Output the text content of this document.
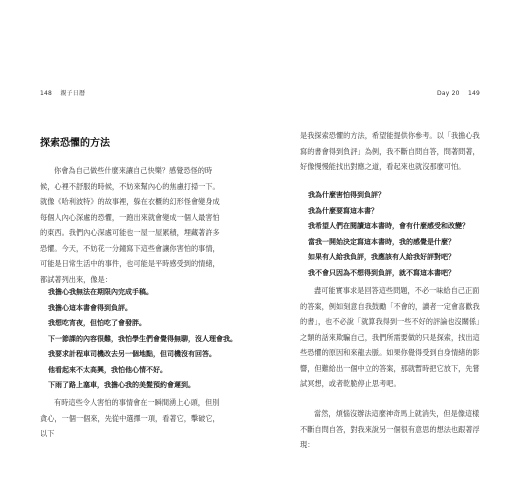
148　 親子日曆
探索恐懼的方法
你會為自己做些什麼來讓自己快樂？感覺恐怪的時候，心裡不舒服的時候，不妨來幫內心的焦慮打掃一下。就像《哈利波特》的故事裡，躲在衣櫃的幻形怪會變身成每個人內心深處的恐懼，一跑出來就會變成一個人最害怕的東西。我們內心深處可能也一屋一屋累積，埋藏著許多恐懼。今天，不妨花一分鐘寫下這些會讓你害怕的事情，可能是日常生活中的事件，也可能是平時感受到的情緒，都試著列出來，像是：
我擔心我無法在期限內完成手稿。
我擔心這本書會得到負評。
我想吃宵夜，但怕吃了會發胖。
下一節課的內容很難，我怕學生們會覺得無聊，沒人理會我。
我要求計程車司機改去另一個地點，但司機沒有回答。
他看起來不太高興，我怕他心情不好。
下雨了路上塞車，我擔心我的美髮預約會遲到。
有時這些令人害怕的事情會在一瞬間湧上心頭，但別貪心，一個一個來，先從中選擇一項，看著它，擊破它，以下
Day 20　 149
是我探索恐懼的方法，希望能提供你參考。以「我擔心我寫的書會得到負評」為例，我不斷自問自答，問著問著，好像慢慢能找出對應之道，看起來也就沒那麼可怕。
我為什麼害怕得到負評？
我為什麼要寫這本書？
我希望人們在閱讀這本書時，會有什麼感受和改變？
當我一開始決定寫這本書時，我的感覺是什麼？
如果有人給我負評，我應該有人給我好評對吧？
我不會只因為不想得到負評，就不寫這本書吧？
盡可能實事求是回答這些問題，不必一味給自己正面的答案，例如刻意自我鼓勵「不會的，讀者一定會喜歡我的書」，也不必說「就算我得到一些不好的評論也沒關係」之類的話來欺騙自己，我們所需要做的只是探索，找出這些恐懼的原因和來龍去脈。如果你覺得受到自身情緒的影響，但難給出一個中立的答案，那就暫時把它放下，先嘗試冥想，或者乾脆停止思考吧。
當然，煩惱沒辦法這麼神奇馬上就消失，但是像這樣不斷自問自答，對我來說另一個很有意思的想法也跟著浮現：
